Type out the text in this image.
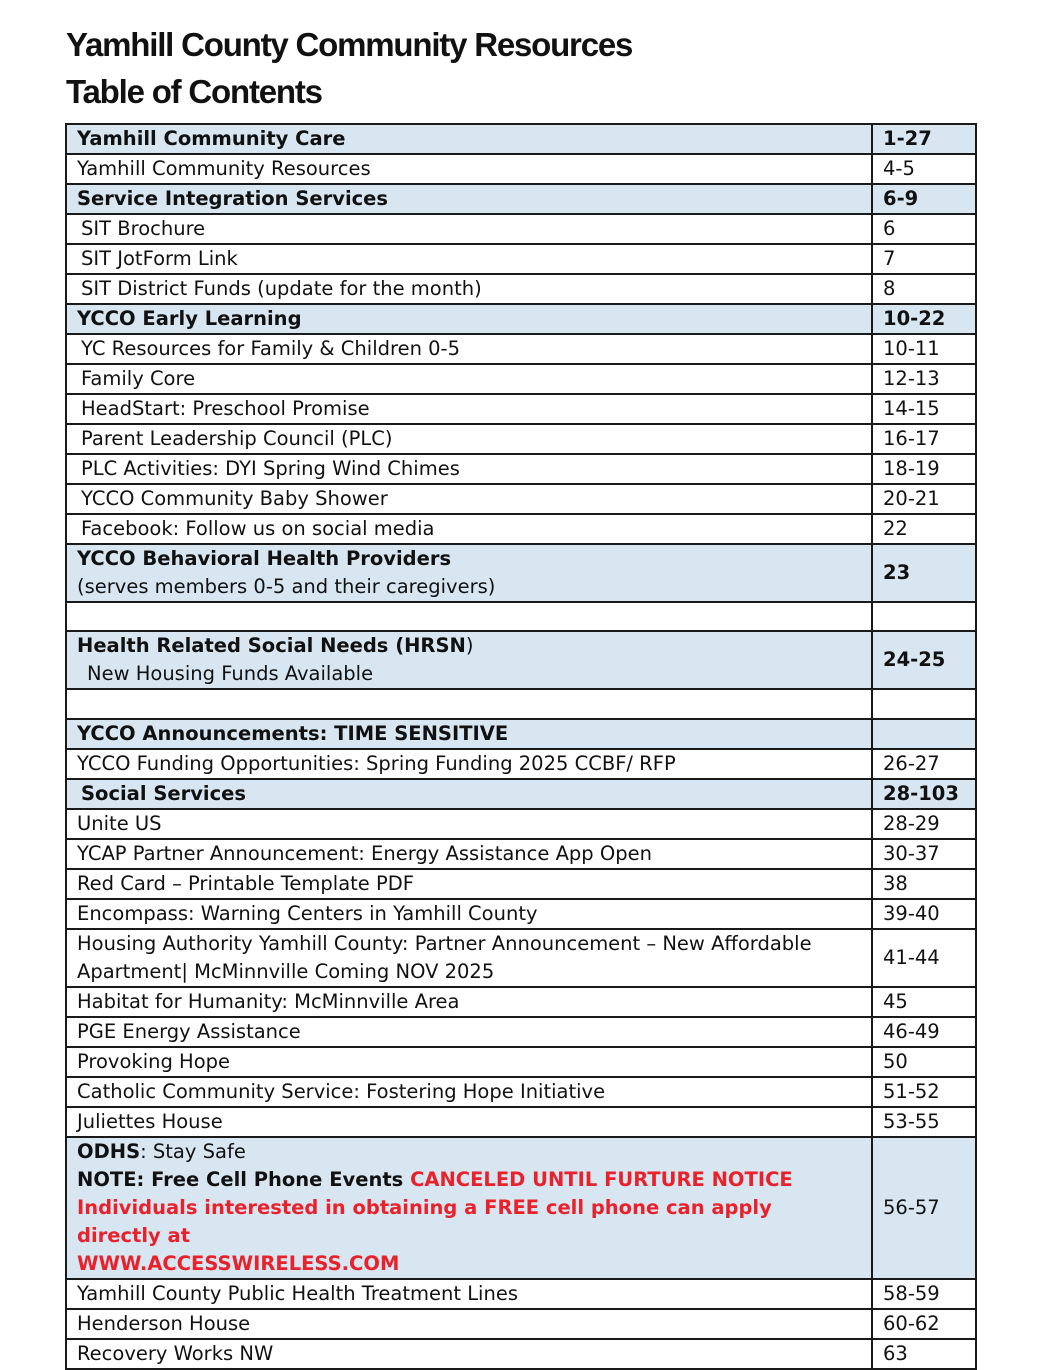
Yamhill County Community Resources
Table of Contents
Yamhill Community Care	1-27
Yamhill Community Resources	4-5
Service Integration Services	6-9
SIT Brochure	6
SIT JotForm Link	7
SIT District Funds (update for the month)	8
YCCO Early Learning	10-22
YC Resources for Family & Children 0-5	10-11
Family Core	12-13
HeadStart: Preschool Promise	14-15
Parent Leadership Council (PLC)	16-17
PLC Activities: DYI Spring Wind Chimes	18-19
YCCO Community Baby Shower	20-21
Facebook: Follow us on social media	22

YCCO Behavioral Health Providers
(serves members 0-5 and their caregivers)	23

Health Related Social Needs (HRSN)
New Housing Funds Available	24-25

YCCO Announcements: TIME SENSITIVE	
YCCO Funding Opportunities: Spring Funding 2025 CCBF/ RFP	26-27
Social Services	28-103
Unite US	28-29
YCAP Partner Announcement: Energy Assistance App Open	30-37
Red Card – Printable Template PDF	38
Encompass: Warning Centers in Yamhill County	39-40

Housing Authority Yamhill County: Partner Announcement – New Affordable
Apartment| McMinnville Coming NOV 2025	41-44
Habitat for Humanity: McMinnville Area	45
PGE Energy Assistance	46-49
Provoking Hope	50
Catholic Community Service: Fostering Hope Initiative	51-52
Juliettes House	53-55

ODHS: Stay Safe
NOTE: Free Cell Phone Events CANCELED UNTIL FURTURE NOTICE
Individuals interested in obtaining a FREE cell phone can apply directly at
WWW.ACCESSWIRELESS.COM	56-57
Yamhill County Public Health Treatment Lines	58-59
Henderson House	60-62
Recovery Works NW	63
